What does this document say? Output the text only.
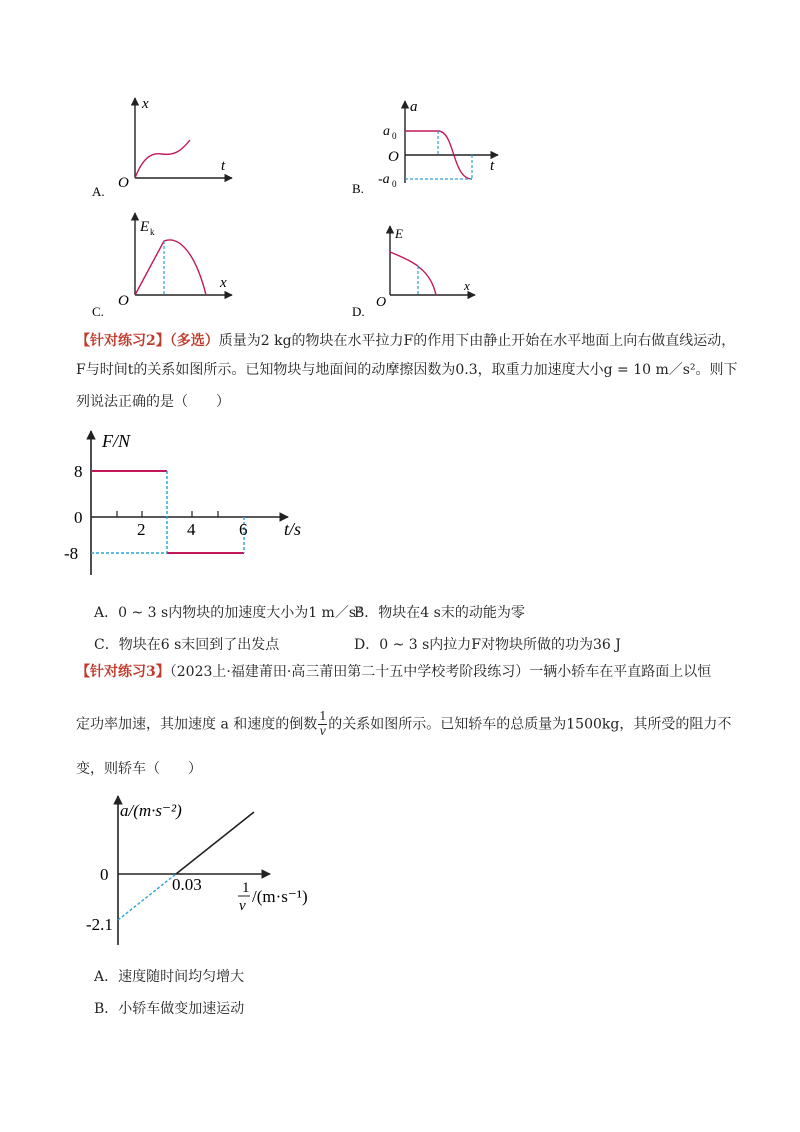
x
t
O
A.
a
t
O
a 0
-a 0
B.
E k
x
O
C.
E
x
O
D.
【针对练习2】（多选）质量为2 kg的物块在水平拉力F的作用下由静止开始在水平地面上向右做直线运动，
F与时间t的关系如图所示。已知物块与地面间的动摩擦因数为0.3，取重力加速度大小g = 10 m／s²。则下
列说法正确的是（　　）
F/N
t/s
8
0
-8
2 4	6
A．0 ~ 3 s内物块的加速度大小为1 m／s²
B．物块在4 s末的动能为零
C．物块在6 s末回到了出发点	D．0 ~ 3 s内拉力F对物块所做的功为36 J
【针对练习3】（2023上·福建莆田·高三莆田第二十五中学校考阶段练习）一辆小轿车在平直路面上以恒
定功率加速，其加速度 a 和速度的倒数 $\frac{1}{v}$ 的关系如图所示。已知轿车的总质量为1500kg，其所受的阻力不
变，则轿车（　　）
a/(m·s⁻²)
0
0.03
-2.1
1
v /(m·s⁻¹)
A．速度随时间均匀增大
B．小轿车做变加速运动
